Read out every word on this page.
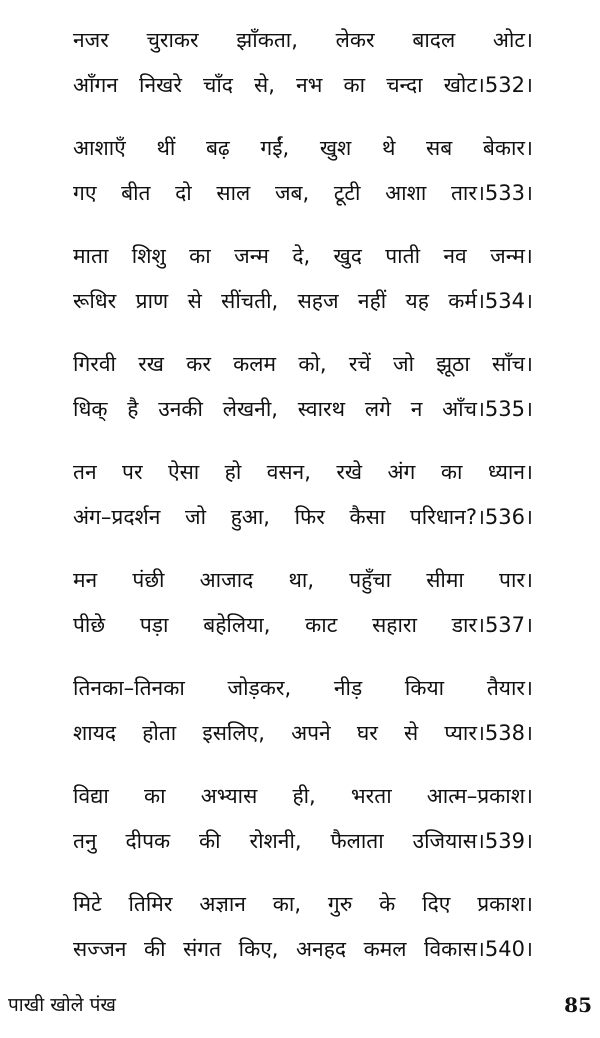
नजर चुराकर झाँकता, लेकर बादल ओट।
आँगन निखरे चाँद से, नभ का चन्दा खोट।532।
आशाएँ थीं बढ़ गईं, खुश थे सब बेकार।
गए बीत दो साल जब, टूटी आशा तार।533।
माता शिशु का जन्म दे, खुद पाती नव जन्म।
रूधिर प्राण से सींचती, सहज नहीं यह कर्म।534।
गिरवी रख कर कलम को, रचें जो झूठा साँच।
धिक् है उनकी लेखनी, स्वारथ लगे न आँच।535।
तन पर ऐसा हो वसन, रखे अंग का ध्यान।
अंग–प्रदर्शन जो हुआ, फिर कैसा परिधान?।536।
मन पंछी आजाद था, पहुँचा सीमा पार।
पीछे पड़ा बहेलिया, काट सहारा डार।537।
तिनका–तिनका जोड़कर, नीड़ किया तैयार।
शायद होता इसलिए, अपने घर से प्यार।538।
विद्या का अभ्यास ही, भरता आत्म–प्रकाश।
तनु दीपक की रोशनी, फैलाता उजियास।539।
मिटे तिमिर अज्ञान का, गुरु के दिए प्रकाश।
सज्जन की संगत किए, अनहद कमल विकास।540।
पाखी खोले पंख	85
